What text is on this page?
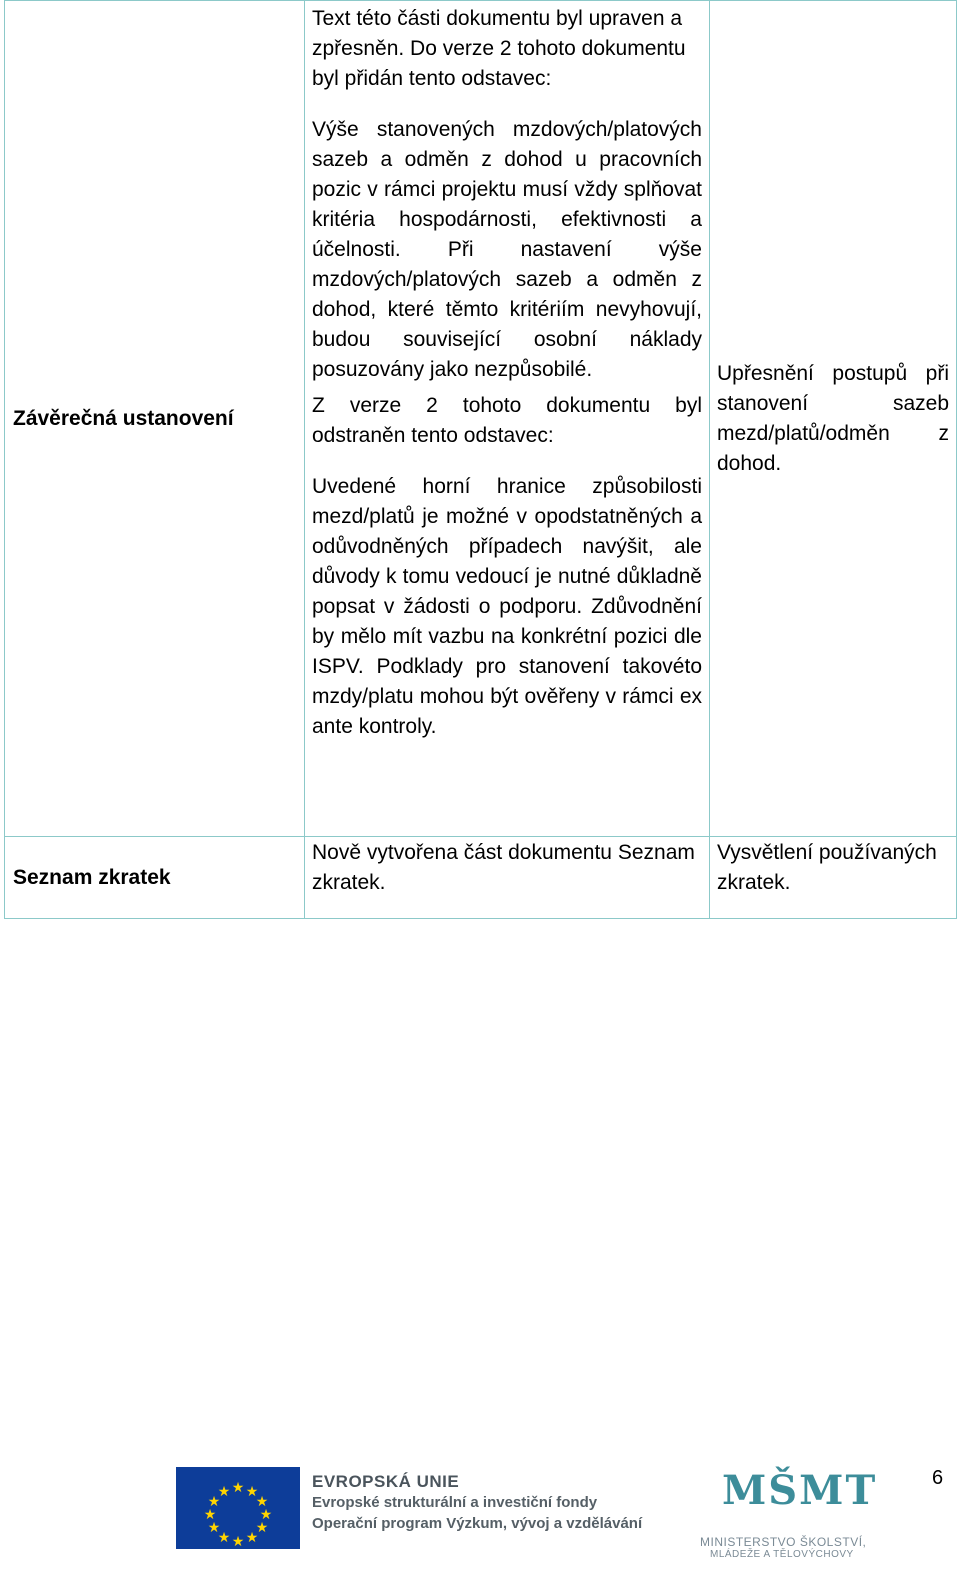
Závěrečná ustanovení	Text této části dokumentu byl upraven a zpřesněn. Do verze 2 tohoto dokumentu byl přidán tento odstavec:

Výše stanovených mzdových/platových sazeb a odměn z dohod u pracovních pozic v rámci projektu musí vždy splňovat kritéria hospodárnosti, efektivnosti a účelnosti. Při nastavení výše mzdových/platových sazeb a odměn z dohod, které těmto kritériím nevyhovují, budou související osobní náklady posuzovány jako nezpůsobilé.

Z verze 2 tohoto dokumentu byl odstraněn tento odstavec:

Uvedené horní hranice způsobilosti mezd/platů je možné v opodstatněných a odůvodněných případech navýšit, ale důvody k tomu vedoucí je nutné důkladně popsat v žádosti o podporu. Zdůvodnění by mělo mít vazbu na konkrétní pozici dle ISPV. Podklady pro stanovení takovéto mzdy/platu mohou být ověřeny v rámci ex ante kontroly.	Upřesnění postupů při stanovení sazeb mezd/platů/odměn z dohod.
Seznam zkratek	Nově vytvořena část dokumentu Seznam zkratek.	Vysvětlení používaných zkratek.
★ ★
★
★
★
★
★
★
★
★
★
★	EVROPSKÁ UNIE
Evropské strukturální a investiční fondy
Operační program Výzkum, vývoj a vzdělávání
MŠMT
MINISTERSTVO ŠKOLSTVÍ,
MLÁDEŽE A TĚLOVÝCHOVY
6
